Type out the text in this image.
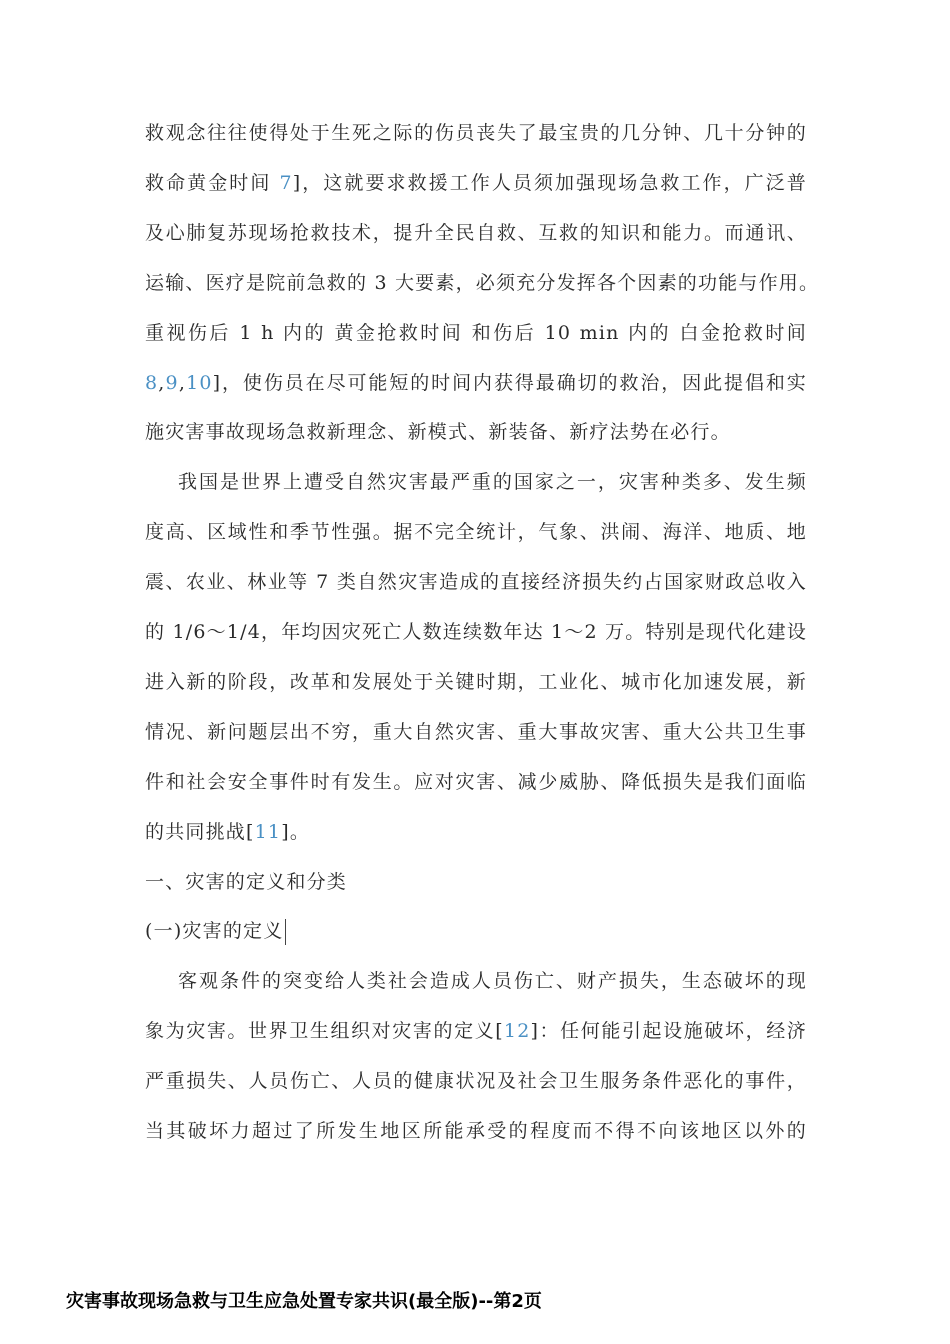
救观念往往使得处于生死之际的伤员丧失了最宝贵的几分钟、几十分钟的
救命黄金时间 7]，这就要求救援工作人员须加强现场急救工作，广泛普
及心肺复苏现场抢救技术，提升全民自救、互救的知识和能力。而通讯、
运输、医疗是院前急救的 3 大要素，必须充分发挥各个因素的功能与作用。
重视伤后 1 h 内的 黄金抢救时间 和伤后 10 min 内的 白金抢救时间
8,9,10]，使伤员在尽可能短的时间内获得最确切的救治，因此提倡和实
施灾害事故现场急救新理念、新模式、新装备、新疗法势在必行。
我国是世界上遭受自然灾害最严重的国家之一，灾害种类多、发生频
度高、区域性和季节性强。据不完全统计，气象、洪闹、海洋、地质、地
震、农业、林业等 7 类自然灾害造成的直接经济损失约占国家财政总收入
的 1/6～1/4，年均因灾死亡人数连续数年达 1～2 万。特别是现代化建设
进入新的阶段，改革和发展处于关键时期，工业化、城市化加速发展，新
情况、新问题层出不穷，重大自然灾害、重大事故灾害、重大公共卫生事
件和社会安全事件时有发生。应对灾害、减少威胁、降低损失是我们面临
的共同挑战[11]。
一、灾害的定义和分类
(一)灾害的定义
客观条件的突变给人类社会造成人员伤亡、财产损失，生态破坏的现
象为灾害。世界卫生组织对灾害的定义[12]：任何能引起设施破坏，经济
严重损失、人员伤亡、人员的健康状况及社会卫生服务条件恶化的事件，
当其破坏力超过了所发生地区所能承受的程度而不得不向该地区以外的
灾害事故现场急救与卫生应急处置专家共识(最全版)--第2页
